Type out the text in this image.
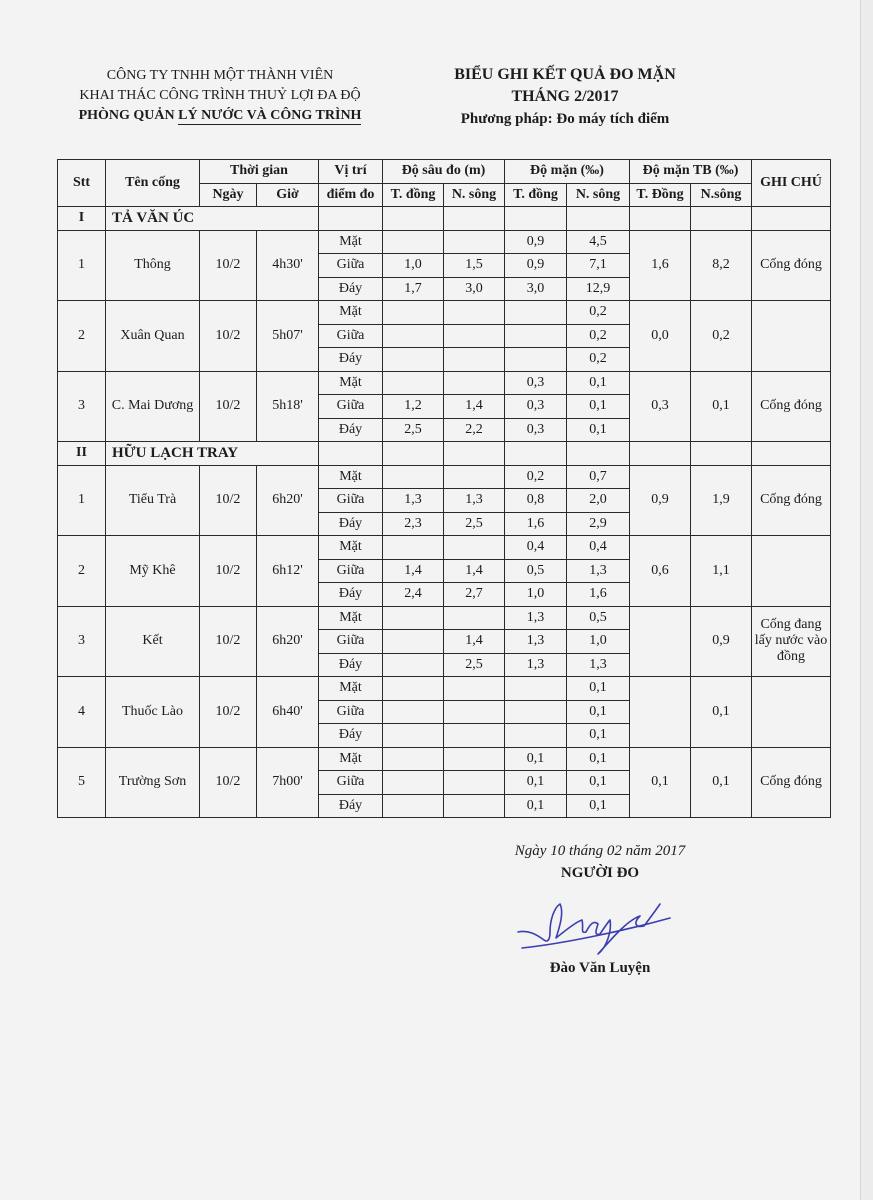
CÔNG TY TNHH MỘT THÀNH VIÊN
KHAI THÁC CÔNG TRÌNH THUỶ LỢI ĐA ĐỘ
PHÒNG QUẢN LÝ NƯỚC VÀ CÔNG TRÌNH
BIỂU GHI KẾT QUẢ ĐO MẶN
THÁNG 2/2017
Phương pháp: Đo máy tích điểm
Stt	Tên cống	Thời gian		Vị trí	Độ sâu đo (m)		Độ mặn (‰)		Độ mặn TB (‰)		GHI CHÚ
		Ngày	Giờ	điểm đo	T. đồng	N. sông	T. đồng	N. sông	T. Đồng	N.sông	
I	TẢ VĂN ÚC										
1	Thông	10/2	4h30'	Mặt			0,9	4,5	1,6	8,2	Cống đóng
				Giữa	1,0	1,5	0,9	7,1			
				Đáy	1,7	3,0	3,0	12,9			
2	Xuân Quan	10/2	5h07'	Mặt				0,2	0,0	0,2	
				Giữa				0,2			
				Đáy				0,2			
3	C. Mai Dương	10/2	5h18'	Mặt			0,3	0,1	0,3	0,1	Cống đóng
				Giữa	1,2	1,4	0,3	0,1			
				Đáy	2,5	2,2	0,3	0,1			
II	HỮU LẠCH TRAY										
1	Tiểu Trà	10/2	6h20'	Mặt			0,2	0,7	0,9	1,9	Cống đóng
				Giữa	1,3	1,3	0,8	2,0			
				Đáy	2,3	2,5	1,6	2,9			
2	Mỹ Khê	10/2	6h12'	Mặt			0,4	0,4	0,6	1,1	
				Giữa	1,4	1,4	0,5	1,3			
				Đáy	2,4	2,7	1,0	1,6			
3	Kết	10/2	6h20'	Mặt			1,3	0,5		0,9	Cống đang lấy nước vào đồng
				Giữa		1,4	1,3	1,0			
				Đáy		2,5	1,3	1,3			
4	Thuốc Lào	10/2	6h40'	Mặt				0,1		0,1	
				Giữa				0,1			
				Đáy				0,1			
5	Trường Sơn	10/2	7h00'	Mặt			0,1	0,1	0,1	0,1	Cống đóng
				Giữa			0,1	0,1			
				Đáy			0,1	0,1			
Ngày 10 tháng 02 năm 2017
NGƯỜI ĐO
Đào Văn Luyện
